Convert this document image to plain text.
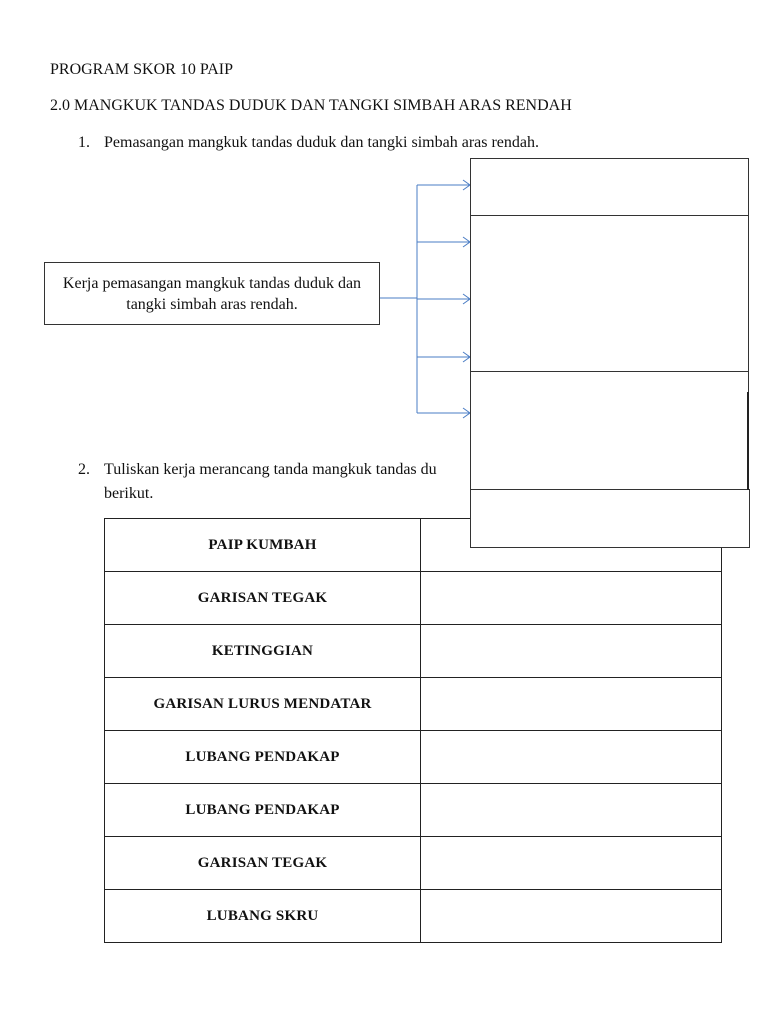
PROGRAM SKOR 10 PAIP
2.0 MANGKUK TANDAS DUDUK DAN TANGKI SIMBAH ARAS RENDAH
1. Pemasangan mangkuk tandas duduk dan tangki simbah aras rendah.
Kerja pemasangan mangkuk tandas duduk dan tangki simbah aras rendah.
2. Tuliskan kerja merancang tanda mangkuk tandas du
berikut.
PAIP KUMBAH	
GARISAN TEGAK	
KETINGGIAN	
GARISAN LURUS MENDATAR	
LUBANG PENDAKAP	
LUBANG PENDAKAP	
GARISAN TEGAK	
LUBANG SKRU	
